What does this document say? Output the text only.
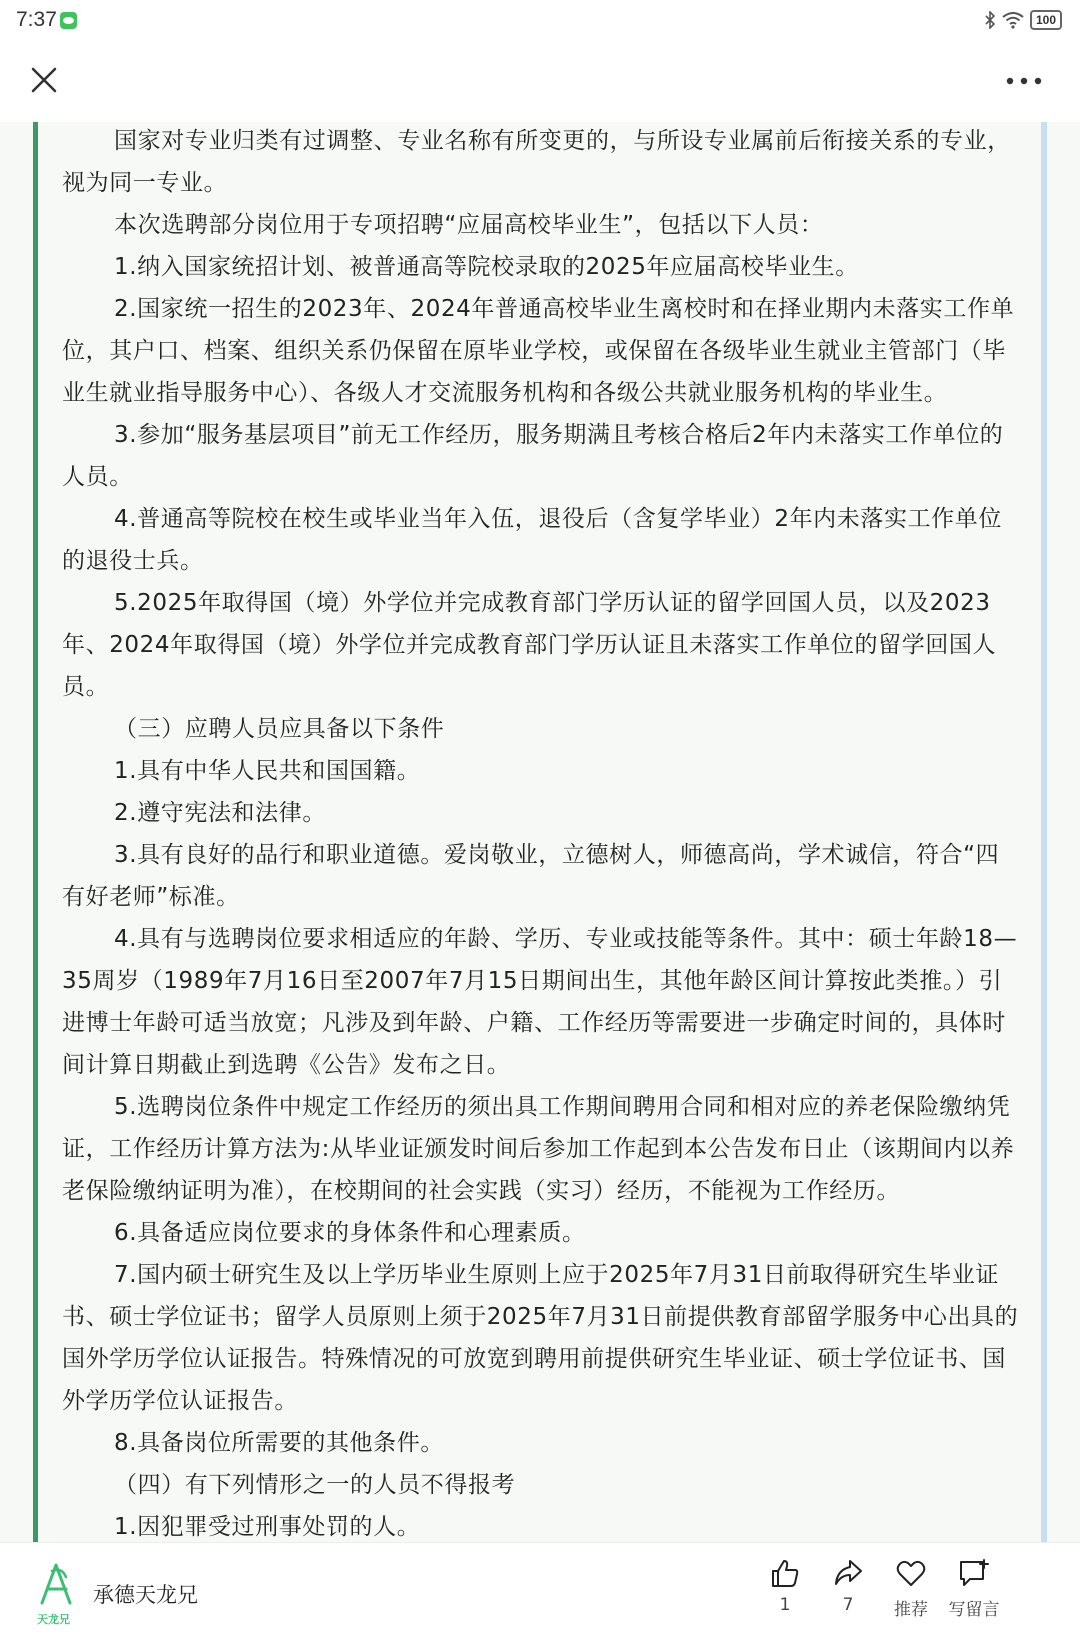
7:37	100

国家对专业归类有过调整、专业名称有所变更的，与所设专业属前后衔接关系的专业，视为同一专业。

本次选聘部分岗位用于专项招聘“应届高校毕业生”，包括以下人员：

1.纳入国家统招计划、被普通高等院校录取的2025年应届高校毕业生。

2.国家统一招生的2023年、2024年普通高校毕业生离校时和在择业期内未落实工作单位，其户口、档案、组织关系仍保留在原毕业学校，或保留在各级毕业生就业主管部门（毕业生就业指导服务中心）、各级人才交流服务机构和各级公共就业服务机构的毕业生。

3.参加“服务基层项目”前无工作经历，服务期满且考核合格后2年内未落实工作单位的人员。

4.普通高等院校在校生或毕业当年入伍，退役后（含复学毕业）2年内未落实工作单位的退役士兵。

5.2025年取得国（境）外学位并完成教育部门学历认证的留学回国人员，以及2023年、2024年取得国（境）外学位并完成教育部门学历认证且未落实工作单位的留学回国人员。

（三）应聘人员应具备以下条件

1.具有中华人民共和国国籍。

2.遵守宪法和法律。

3.具有良好的品行和职业道德。爱岗敬业，立德树人，师德高尚，学术诚信，符合“四有好老师”标准。

4.具有与选聘岗位要求相适应的年龄、学历、专业或技能等条件。其中：硕士年龄18—35周岁（1989年7月16日至2007年7月15日期间出生，其他年龄区间计算按此类推。）引进博士年龄可适当放宽；凡涉及到年龄、户籍、工作经历等需要进一步确定时间的，具体时间计算日期截止到选聘《公告》发布之日。

5.选聘岗位条件中规定工作经历的须出具工作期间聘用合同和相对应的养老保险缴纳凭证，工作经历计算方法为:从毕业证颁发时间后参加工作起到本公告发布日止（该期间内以养老保险缴纳证明为准），在校期间的社会实践（实习）经历，不能视为工作经历。

6.具备适应岗位要求的身体条件和心理素质。

7.国内硕士研究生及以上学历毕业生原则上应于2025年7月31日前取得研究生毕业证书、硕士学位证书；留学人员原则上须于2025年7月31日前提供教育部留学服务中心出具的国外学历学位认证报告。特殊情况的可放宽到聘用前提供研究生毕业证、硕士学位证书、国外学历学位认证报告。

8.具备岗位所需要的其他条件。

（四）有下列情形之一的人员不得报考

1.因犯罪受过刑事处罚的人。

天龙兄
承德天龙兄	1	7	推荐	写留言
